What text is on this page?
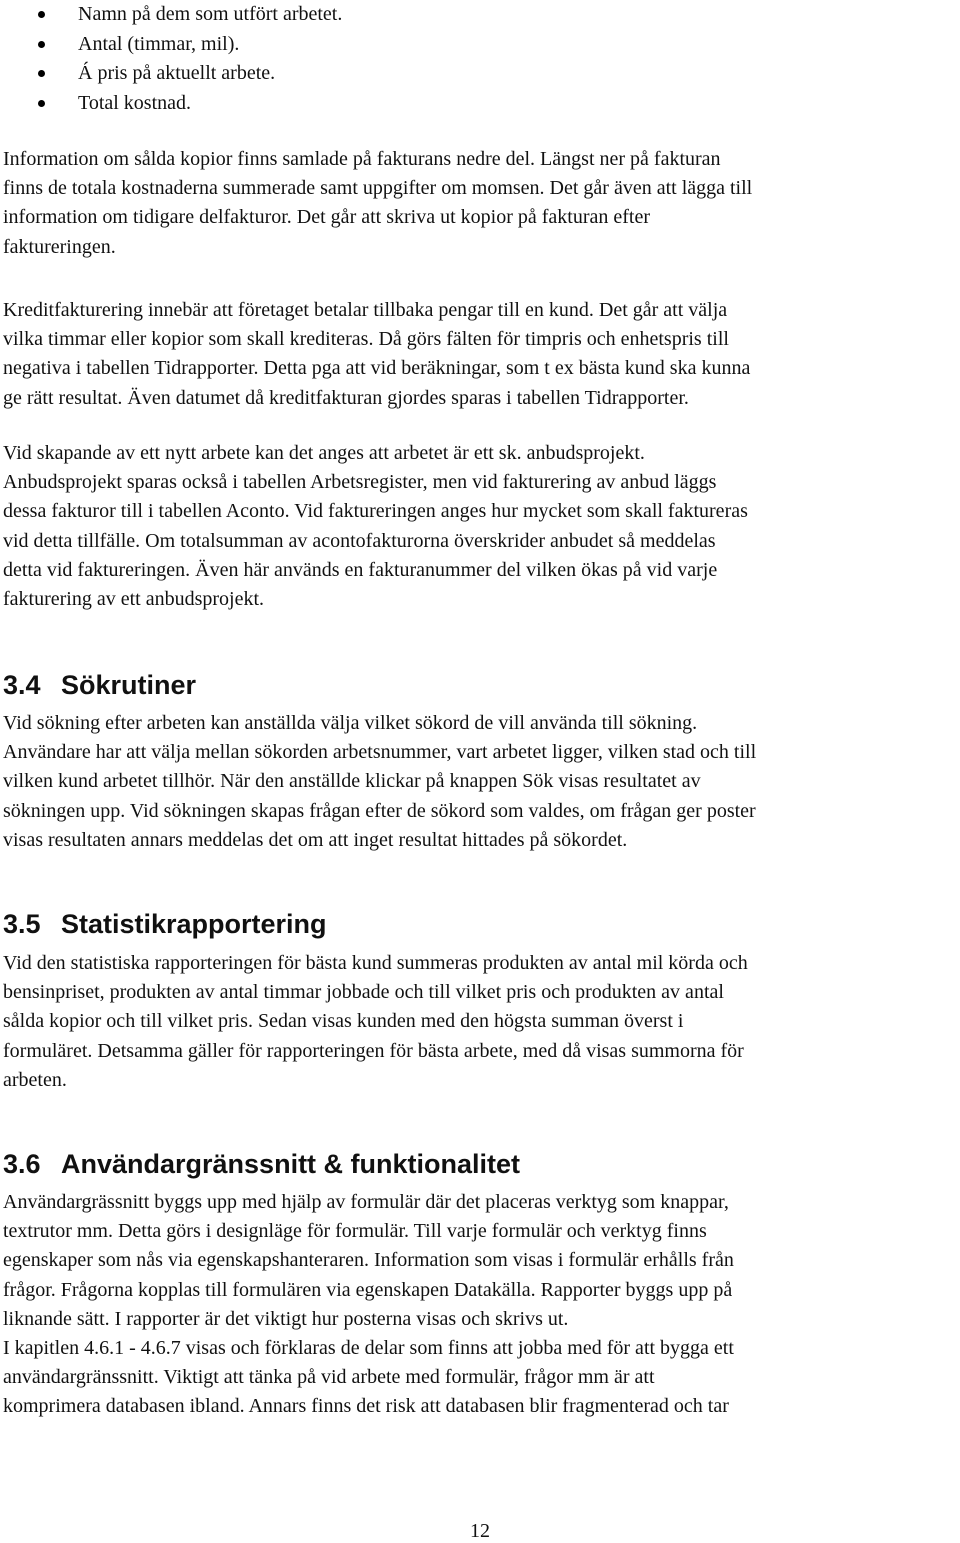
Namn på dem som utfört arbetet.
Antal (timmar, mil).
Á pris på aktuellt arbete.
Total kostnad.

Information om sålda kopior finns samlade på fakturans nedre del. Längst ner på fakturan
finns de totala kostnaderna summerade samt uppgifter om momsen. Det går även att lägga till
information om tidigare delfakturor. Det går att skriva ut kopior på fakturan efter
faktureringen.

Kreditfakturering innebär att företaget betalar tillbaka pengar till en kund. Det går att välja
vilka timmar eller kopior som skall krediteras. Då görs fälten för timpris och enhetspris till
negativa i tabellen Tidrapporter. Detta pga att vid beräkningar, som t ex bästa kund ska kunna
ge rätt resultat. Även datumet då kreditfakturan gjordes sparas i tabellen Tidrapporter.

Vid skapande av ett nytt arbete kan det anges att arbetet är ett sk. anbudsprojekt.
Anbudsprojekt sparas också i tabellen Arbetsregister, men vid fakturering av anbud läggs
dessa fakturor till i tabellen Aconto. Vid faktureringen anges hur mycket som skall faktureras
vid detta tillfälle. Om totalsumman av acontofakturorna överskrider anbudet så meddelas
detta vid faktureringen. Även här används en fakturanummer del vilken ökas på vid varje
fakturering av ett anbudsprojekt.

3.4 Sökrutiner

Vid sökning efter arbeten kan anställda välja vilket sökord de vill använda till sökning.
Användare har att välja mellan sökorden arbetsnummer, vart arbetet ligger, vilken stad och till
vilken kund arbetet tillhör. När den anställde klickar på knappen Sök visas resultatet av
sökningen upp. Vid sökningen skapas frågan efter de sökord som valdes, om frågan ger poster
visas resultaten annars meddelas det om att inget resultat hittades på sökordet.

3.5 Statistikrapportering

Vid den statistiska rapporteringen för bästa kund summeras produkten av antal mil körda och
bensinpriset, produkten av antal timmar jobbade och till vilket pris och produkten av antal
sålda kopior och till vilket pris. Sedan visas kunden med den högsta summan överst i
formuläret. Detsamma gäller för rapporteringen för bästa arbete, med då visas summorna för
arbeten.

3.6 Användargränssnitt & funktionalitet

Användargrässnitt byggs upp med hjälp av formulär där det placeras verktyg som knappar,
textrutor mm. Detta görs i designläge för formulär. Till varje formulär och verktyg finns
egenskaper som nås via egenskapshanteraren. Information som visas i formulär erhålls från
frågor. Frågorna kopplas till formulären via egenskapen Datakälla. Rapporter byggs upp på
liknande sätt. I rapporter är det viktigt hur posterna visas och skrivs ut.
I kapitlen 4.6.1 - 4.6.7 visas och förklaras de delar som finns att jobba med för att bygga ett
användargränssnitt. Viktigt att tänka på vid arbete med formulär, frågor mm är att
komprimera databasen ibland. Annars finns det risk att databasen blir fragmenterad och tar

12
